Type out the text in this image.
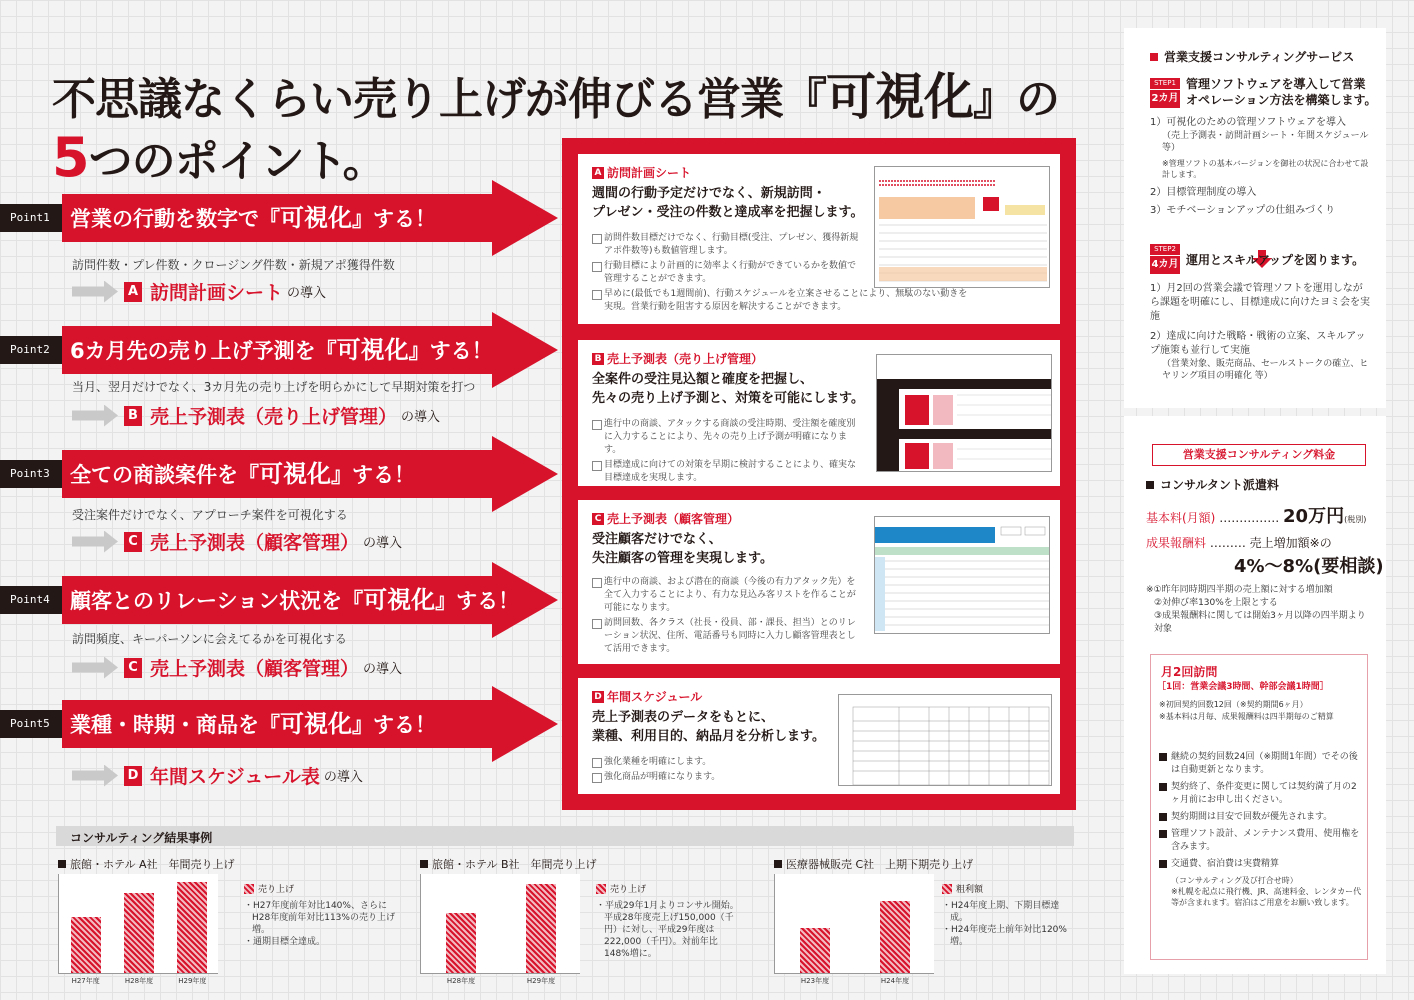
不思議なくらい売り上げが伸びる営業『可視化』の
5つのポイント。
Point1 営業の行動を数字で『可視化』する！
訪問件数・プレ件数・クロージング件数・新規アポ獲得件数
A 訪問計画シート の導入
Point2 6カ月先の売り上げ予測を『可視化』する！
当月、翌月だけでなく、3カ月先の売り上げを明らかにして早期対策を打つ
B 売上予測表（売り上げ管理） の導入
Point3 全ての商談案件を『可視化』する！
受注案件だけでなく、アプローチ案件を可視化する
C 売上予測表（顧客管理） の導入
Point4 顧客とのリレーション状況を『可視化』する！
訪問頻度、キーパーソンに会えてるかを可視化する
C 売上予測表（顧客管理） の導入
Point5 業種・時期・商品を『可視化』する！
D 年間スケジュール表 の導入
A 訪問計画シート
週間の行動予定だけでなく、新規訪問・
プレゼン・受注の件数と達成率を把握します。
訪問件数目標だけでなく、行動目標(受注、プレゼン、獲得新規アポ件数等)も数値管理します。
行動目標により計画的に効率よく行動ができているかを数値で管理することができます。
早めに(最低でも1週間前)、行動スケジュールを立案させることにより、無駄のない動きを実現。営業行動を阻害する原因を解決することができます。
B 売上予測表（売り上げ管理）
全案件の受注見込額と確度を把握し、
先々の売り上げ予測と、対策を可能にします。
進行中の商談、アタックする商談の受注時期、受注額を確度別に入力することにより、先々の売り上げ予測が明確になります。
目標達成に向けての対策を早期に検討することにより、確実な目標達成を実現します。
C 売上予測表（顧客管理）
受注顧客だけでなく、
失注顧客の管理を実現します。
進行中の商談、および潜在的商談（今後の有力アタック先）を全て入力することにより、有力な見込み客リストを作ることが可能になります。
訪問回数、各クラス（社長・役員、部・課長、担当）とのリレーション状況、住所、電話番号も同時に入力し顧客管理表として活用できます。
D 年間スケジュール
売上予測表のデータをもとに、
業種、利用目的、納品月を分析します。
強化業種を明確にします。
強化商品が明確になります。
コンサルティング結果事例
旅館・ホテル A社　年間売り上げ
H27年度	H28年度	H29年度
売り上げ
・H27年度前年対比140%、さらにH28年度前年対比113%の売り上げ増。
・通期目標全達成。
旅館・ホテル B社　年間売り上げ
H28年度	H29年度
売り上げ
・平成29年1月よりコンサル開始。平成28年度売上げ150,000（千円）に対し、平成29年度は222,000（千円）。対前年比148%増に。
医療器械販売 C社　上期下期売り上げ
H23年度	H24年度
粗利額
・H24年度上期、下期目標達成。
・H24年度売上前年対比120%増。
営業支援コンサルティングサービス
STEP1
2カ月
管理ソフトウェアを導入して営業
オペレーション方法を構築します。
1）可視化のための管理ソフトウェアを導入
（売上予測表・訪問計画シート・年間スケジュール 等）
※管理ソフトの基本バージョンを御社の状況に合わせて設計します。
2）目標管理制度の導入
3）モチベーションアップの仕組みづくり
STEP2
4カ月 運用とスキルアップを図ります。
1）月2回の営業会議で管理ソフトを運用しながら課題を明確にし、目標達成に向けたヨミ会を実施
2）達成に向けた戦略・戦術の立案、スキルアップ施策も並行して実施
（営業対象、販売商品、セールストークの確立、ヒヤリング項目の明確化 等）
営業支援コンサルティング料金
コンサルタント派遣料
基本料(月額) …………… 20万円(税別)
成果報酬料 ……… 売上増加額※の
4%～8%(要相談)
※①昨年同時期四半期の売上額に対する増加額
②対伸び率130%を上限とする
③成果報酬料に関しては開始3ヶ月以降の四半期より対象
月2回訪問
［1回：営業会議3時間、幹部会議1時間］
※初回契約回数12回（※契約期間6ヶ月）
※基本料は月毎、成果報酬料は四半期毎のご精算
継続の契約回数24回（※期間1年間）でその後は自動更新となります。
契約終了、条件変更に関しては契約満了月の2ヶ月前にお申し出ください。
契約期間は目安で回数が優先されます。
管理ソフト設計、メンテナンス費用、使用権を含みます。
交通費、宿泊費は実費精算
（コンサルティング及び打合せ時）
※札幌を起点に飛行機、JR、高速料金、レンタカー代等が含まれます。宿泊はご用意をお願い致します。
